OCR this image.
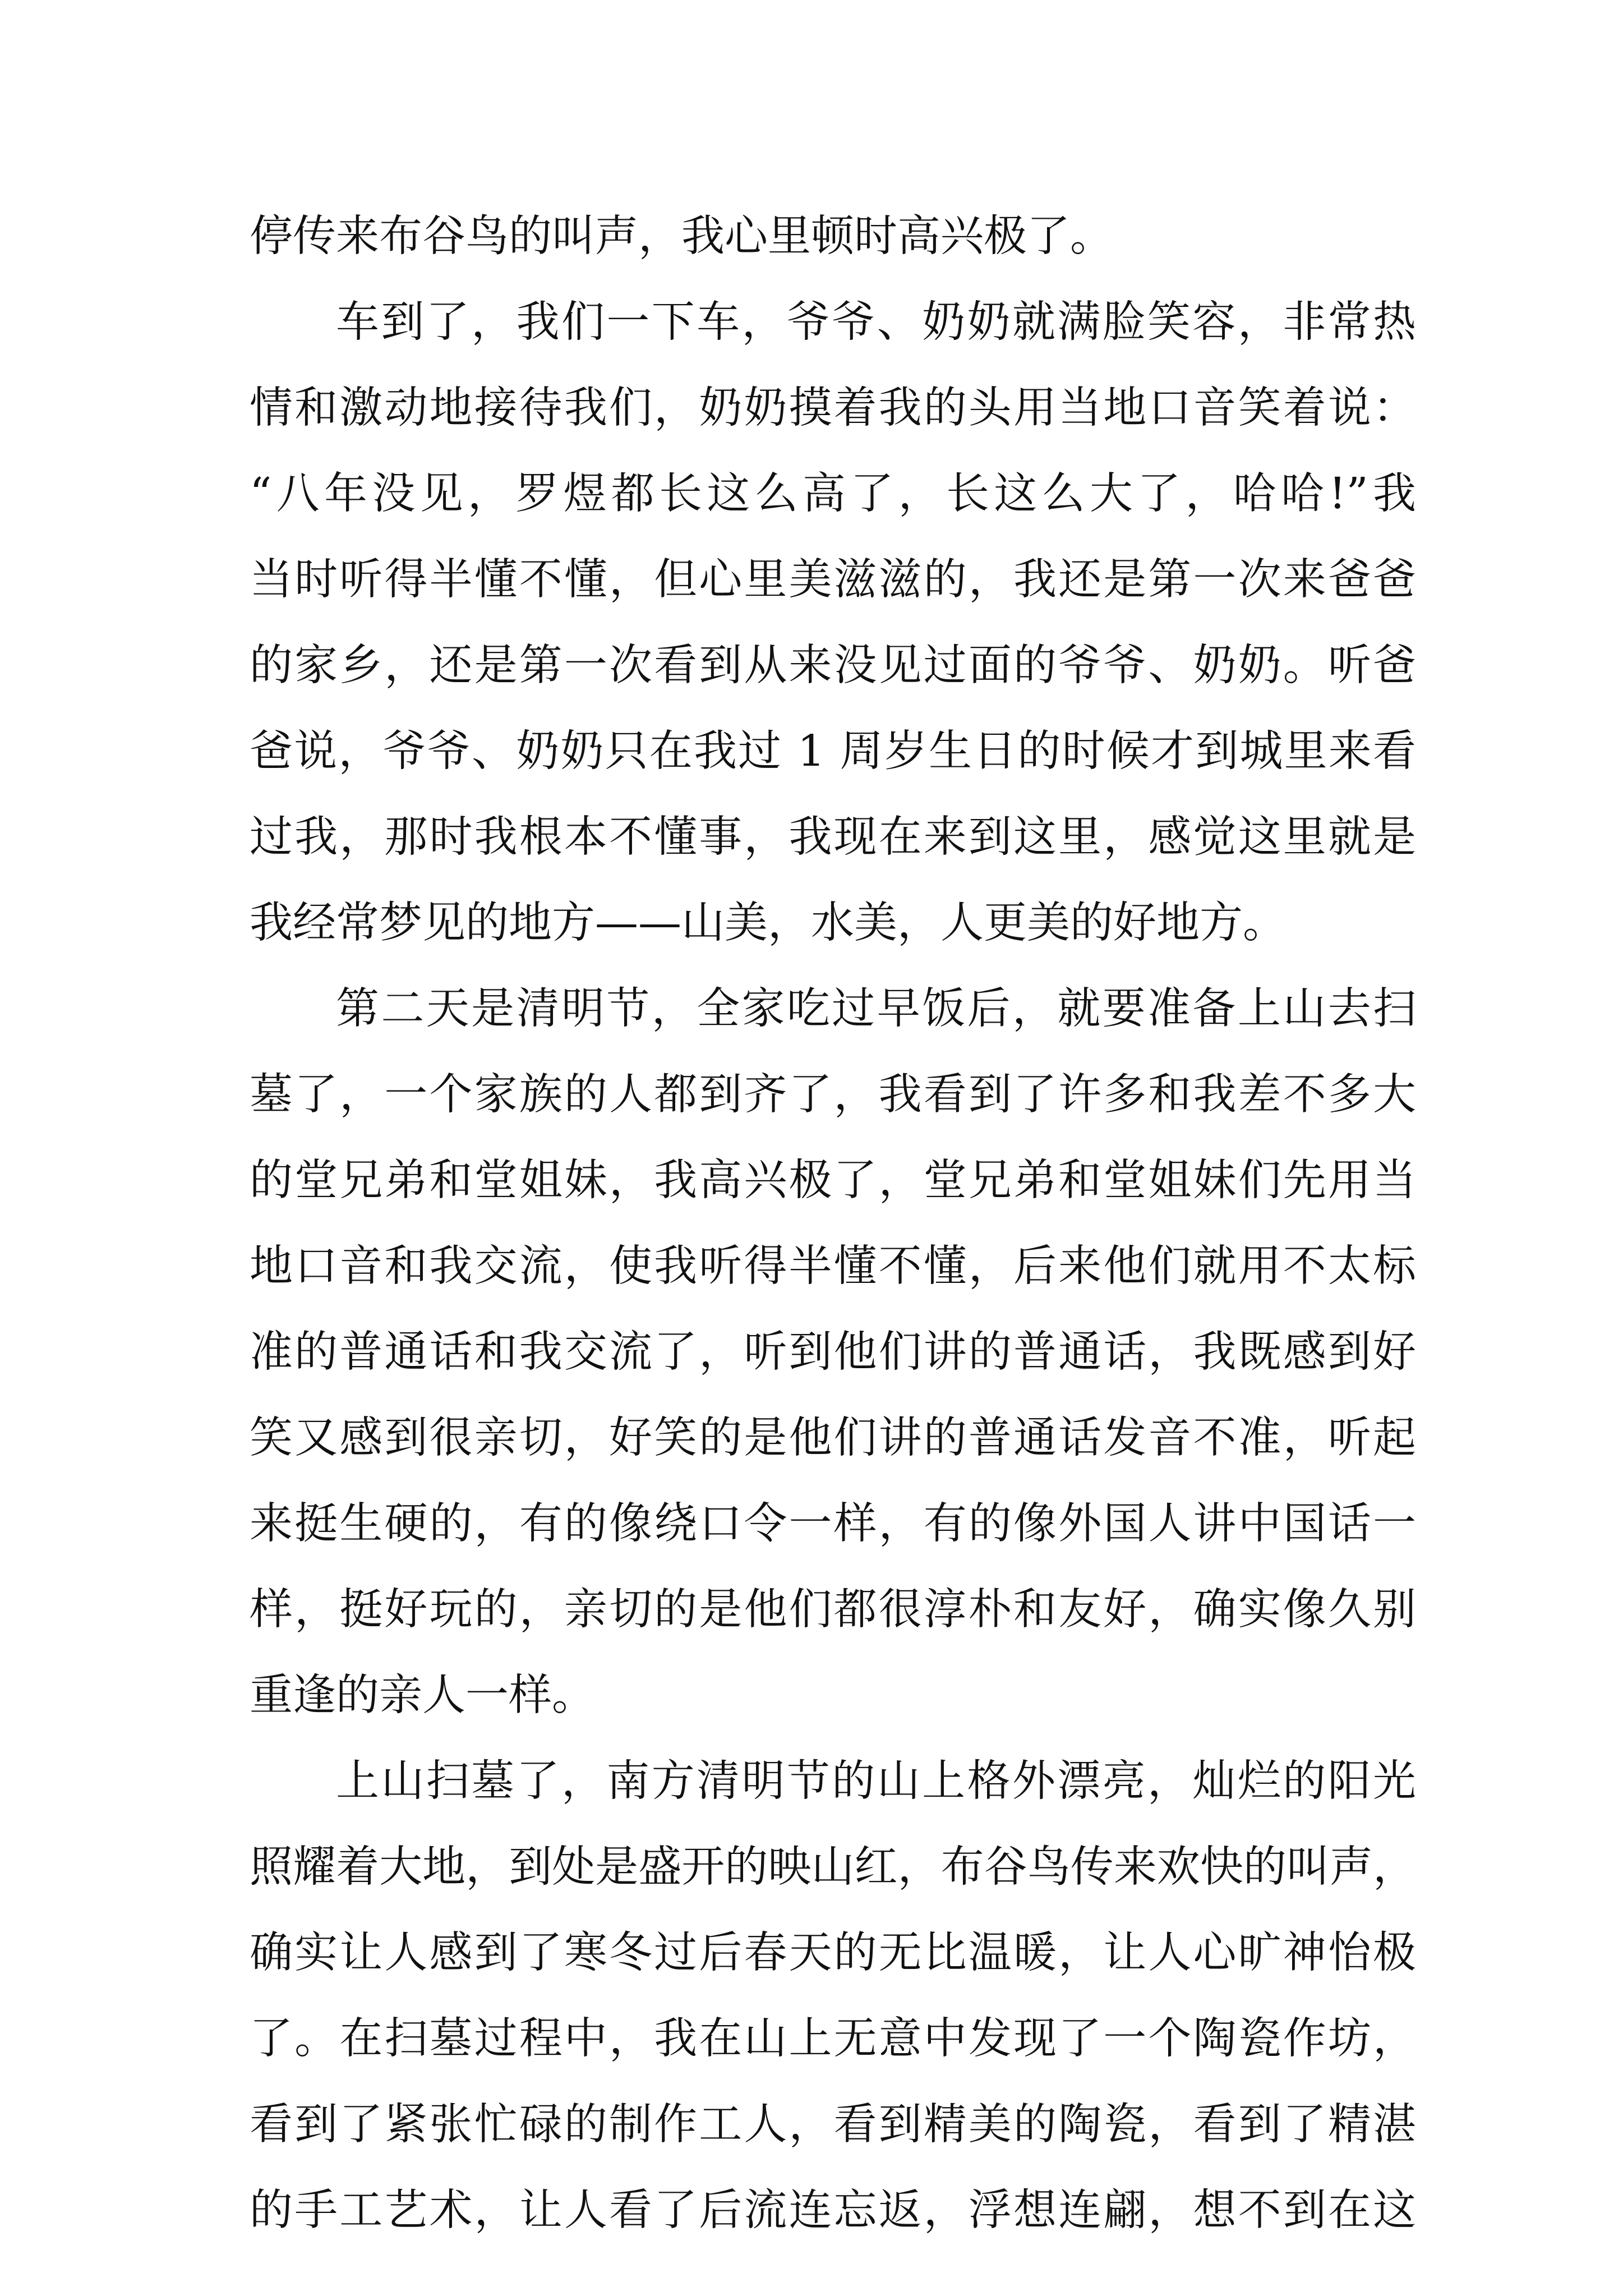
停传来布谷鸟的叫声，我心里顿时高兴极了。
车到了，我们一下车，爷爷、奶奶就满脸笑容，非常热
情和激动地接待我们，奶奶摸着我的头用当地口音笑着说：
“八年没见，罗煜都长这么高了，长这么大了，哈哈!”我
当时听得半懂不懂，但心里美滋滋的，我还是第一次来爸爸
的家乡，还是第一次看到从来没见过面的爷爷、奶奶。听爸
爸说，爷爷、奶奶只在我过 1 周岁生日的时候才到城里来看
过我，那时我根本不懂事，我现在来到这里，感觉这里就是
我经常梦见的地方——山美，水美，人更美的好地方。
第二天是清明节，全家吃过早饭后，就要准备上山去扫
墓了，一个家族的人都到齐了，我看到了许多和我差不多大
的堂兄弟和堂姐妹，我高兴极了，堂兄弟和堂姐妹们先用当
地口音和我交流，使我听得半懂不懂，后来他们就用不太标
准的普通话和我交流了，听到他们讲的普通话，我既感到好
笑又感到很亲切，好笑的是他们讲的普通话发音不准，听起
来挺生硬的，有的像绕口令一样，有的像外国人讲中国话一
样，挺好玩的，亲切的是他们都很淳朴和友好，确实像久别
重逢的亲人一样。
上山扫墓了，南方清明节的山上格外漂亮，灿烂的阳光
照耀着大地，到处是盛开的映山红，布谷鸟传来欢快的叫声，
确实让人感到了寒冬过后春天的无比温暖，让人心旷神怡极
了。在扫墓过程中，我在山上无意中发现了一个陶瓷作坊，
看到了紧张忙碌的制作工人，看到精美的陶瓷，看到了精湛
的手工艺术，让人看了后流连忘返，浮想连翩，想不到在这
